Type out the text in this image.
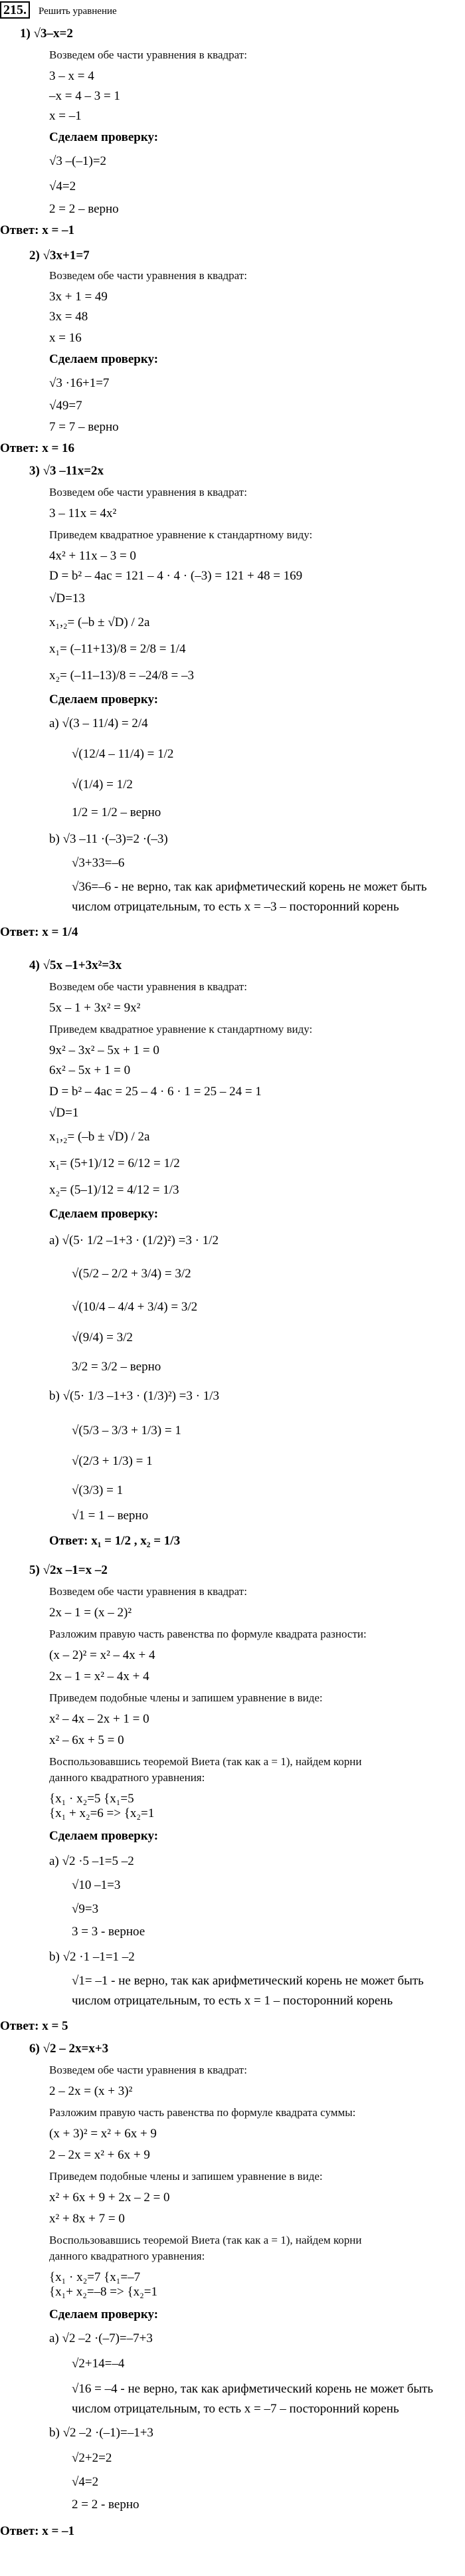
215.	Решить уравнение
1) √3–x=2
Возведем обе части уравнения в квадрат:
3 – x = 4
–x = 4 – 3 = 1
x = –1
Сделаем проверку:
√3 –(–1)=2
√4=2
2 = 2 – верно
Ответ: x = –1
2) √3x+1=7
Возведем обе части уравнения в квадрат:
3x + 1 = 49
3x = 48
x = 16
Сделаем проверку:
√3 ·16+1=7
√49=7
7 = 7 – верно
Ответ: x = 16
3) √3 –11x=2x
Возведем обе части уравнения в квадрат:
3 – 11x = 4x²
Приведем квадратное уравнение к стандартному виду:
4x² + 11x – 3 = 0
D = b² – 4ac = 121 – 4 · 4 · (–3) = 121 + 48 = 169
√D=13
x₁,₂= (–b ± √D) / 2a
x₁= (–11+13)/8 = 2/8 = 1/4
x₂= (–11–13)/8 = –24/8 = –3
Сделаем проверку:
а) √(3 – 11/4) = 2/4
√(12/4 – 11/4) = 1/2
√(1/4) = 1/2
1/2 = 1/2 – верно
b) √3 –11 ·(–3)=2 ·(–3)
√3+33=–6
√36=–6 - не верно, так как арифметический корень не может быть
числом отрицательным, то есть x = –3 – посторонний корень
Ответ: x = 1/4
4) √5x –1+3x²=3x
Возведем обе части уравнения в квадрат:
5x – 1 + 3x² = 9x²
Приведем квадратное уравнение к стандартному виду:
9x² – 3x² – 5x + 1 = 0
6x² – 5x + 1 = 0
D = b² – 4ac = 25 – 4 · 6 · 1 = 25 – 24 = 1
√D=1
x₁,₂= (–b ± √D) / 2a
x₁= (5+1)/12 = 6/12 = 1/2
x₂= (5–1)/12 = 4/12 = 1/3
Сделаем проверку:
а) √(5· 1/2 –1+3 · (1/2)²) =3 · 1/2
√(5/2 – 2/2 + 3/4) = 3/2
√(10/4 – 4/4 + 3/4) = 3/2
√(9/4) = 3/2
3/2 = 3/2 – верно
b) √(5· 1/3 –1+3 · (1/3)²) =3 · 1/3
√(5/3 – 3/3 + 1/3) = 1
√(2/3 + 1/3) = 1
√(3/3) = 1
√1 = 1 – верно
Ответ: x₁ = 1/2 , x₂ = 1/3
5) √2x –1=x –2
Возведем обе части уравнения в квадрат:
2x – 1 = (x – 2)²
Разложим правую часть равенства по формуле квадрата разности:
(x – 2)² = x² – 4x + 4
2x – 1 = x² – 4x + 4
Приведем подобные члены и запишем уравнение в виде:
x² – 4x – 2x + 1 = 0
x² – 6x + 5 = 0
Воспользовавшись теоремой Виета (так как a = 1), найдем корни
данного квадратного уравнения:
{x₁ · x₂=5 {x₁=5
{x₁ + x₂=6 => {x₂=1
Сделаем проверку:
а) √2 ·5 –1=5 –2
√10 –1=3
√9=3
3 = 3 - верное
b) √2 ·1 –1=1 –2
√1= –1 - не верно, так как арифметический корень не может быть
числом отрицательным, то есть x = 1 – посторонний корень
Ответ: x = 5
6) √2 – 2x=x+3
Возведем обе части уравнения в квадрат:
2 – 2x = (x + 3)²
Разложим правую часть равенства по формуле квадрата суммы:
(x + 3)² = x² + 6x + 9
2 – 2x = x² + 6x + 9
Приведем подобные члены и запишем уравнение в виде:
x² + 6x + 9 + 2x – 2 = 0
x² + 8x + 7 = 0
Воспользовавшись теоремой Виета (так как a = 1), найдем корни
данного квадратного уравнения:
{x₁ · x₂=7 {x₁=–7
{x₁+ x₂=–8 => {x₂=1
Сделаем проверку:
а) √2 –2 ·(–7)=–7+3
√2+14=–4
√16 = –4 - не верно, так как арифметический корень не может быть
числом отрицательным, то есть x = –7 – посторонний корень
b) √2 –2 ·(–1)=–1+3
√2+2=2
√4=2
2 = 2 - верно
Ответ: x = –1
